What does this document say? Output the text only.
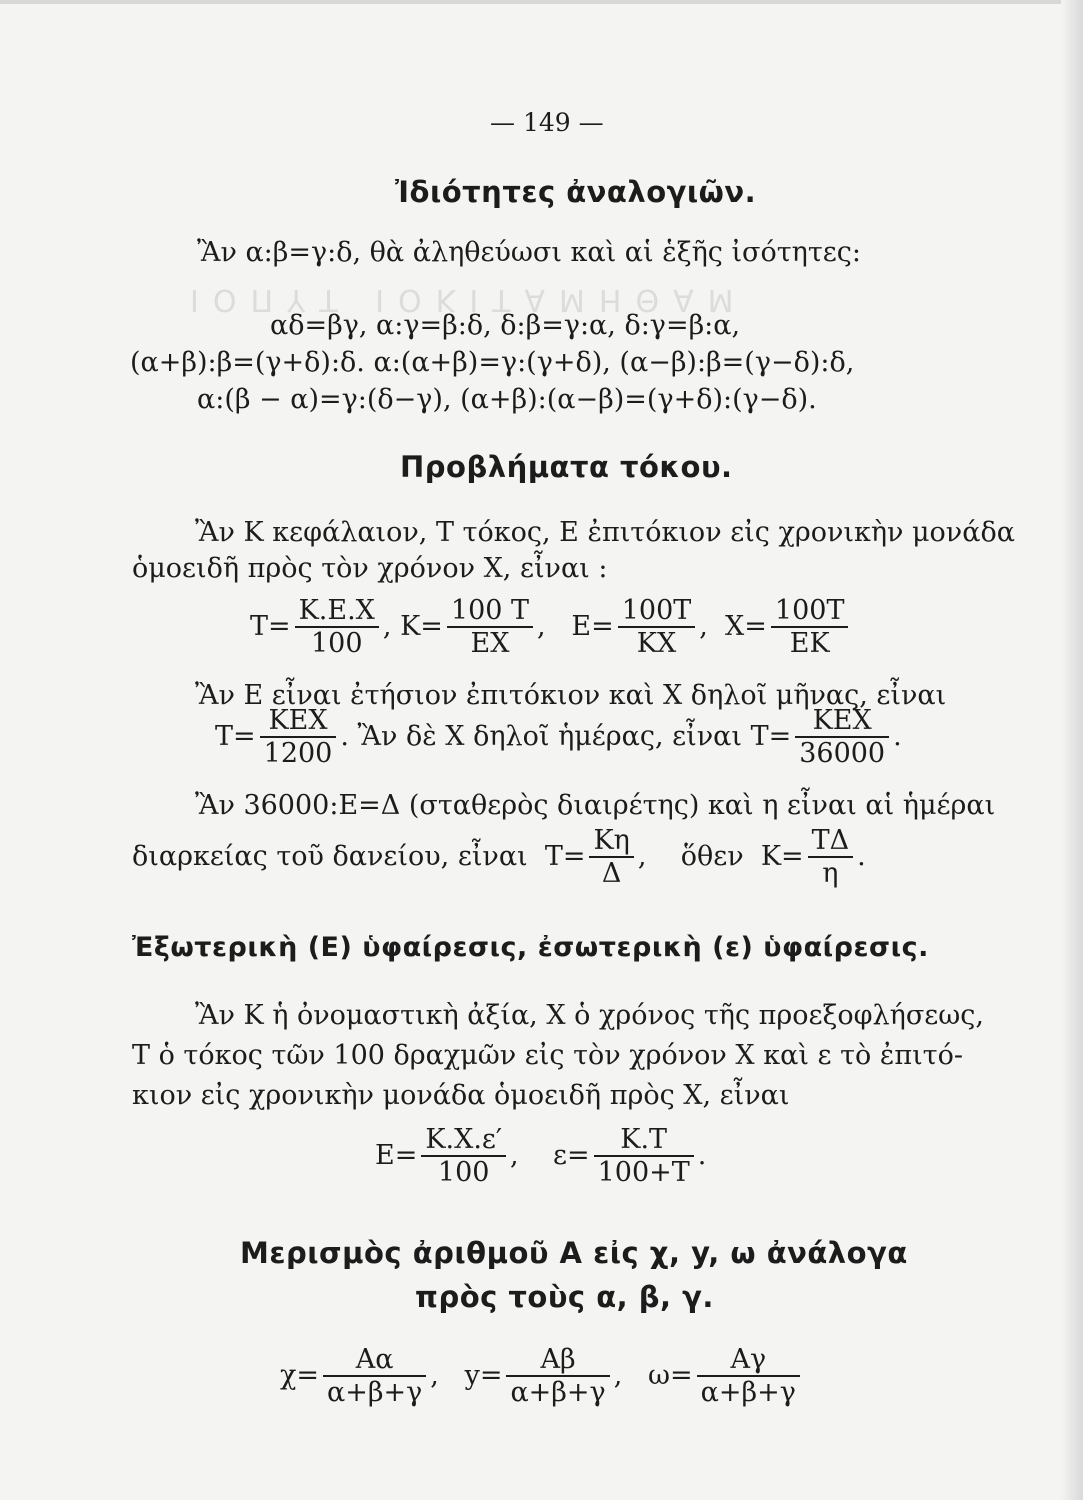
ΙΟΠΥΤ ΙΟΚΙΤΑΜΗΘΑΜ
— 149 —
Ἰδιότητες ἀναλογιῶν.
Ἂν α:β=γ:δ, θὰ ἀληθεύωσι καὶ αἱ ἑξῆς ἰσότητες:
αδ=βγ, α:γ=β:δ, δ:β=γ:α, δ:γ=β:α,
(α+β):β=(γ+δ):δ. α:(α+β)=γ:(γ+δ), (α−β):β=(γ−δ):δ,
α:(β − α)=γ:(δ−γ), (α+β):(α−β)=(γ+δ):(γ−δ).
Προβλήματα τόκου.
Ἂν Κ κεφάλαιον, Τ τόκος, Ε ἐπιτόκιον εἰς χρονικὴν μονάδα
ὁμοειδῆ πρὸς τὸν χρόνον Χ, εἶναι :
$T= \frac{K.E.X}{100}$ , $K= \frac{100 T}{EX}$ , $E= \frac{100T}{KX}$ , $X= \frac{100T}{EK}$
Ἂν Ε εἶναι ἐτήσιον ἐπιτόκιον καὶ Χ δηλοῖ μῆνας, εἶναι
$T= \frac{\text{KEX}}{1200}$ . Ἂν δὲ Χ δηλοῖ ἡμέρας, εἶναι $T= \frac{\text{KEX}}{36000}$ .
Ἂν 36000:Ε=Δ (σταθερὸς διαιρέτης) καὶ η εἶναι αἱ ἡμέραι
διαρκείας τοῦ δανείου, εἶναι $T= \frac{K\eta}{\Delta}$ , ὅθεν $K= \frac{T\Delta}{\eta}$ .
Ἐξωτερικὴ (Ε) ὑφαίρεσις, ἐσωτερικὴ (ε) ὑφαίρεσις.
Ἂν Κ ἡ ὀνομαστικὴ ἀξία, Χ ὁ χρόνος τῆς προεξοφλήσεως,
Τ ὁ τόκος τῶν 100 δραχμῶν εἰς τὸν χρόνον Χ καὶ ε τὸ ἐπιτό-
κιον εἰς χρονικὴν μονάδα ὁμοειδῆ πρὸς Χ, εἶναι
$E= \frac{K.X.\varepsilon'}{100}$ , $\varepsilon= \frac{K.T}{100+T}$ .
Μερισμὸς ἀριθμοῦ Α εἰς χ, y, ω ἀνάλογα
πρὸς τοὺς α, β, γ.
$\chi= \frac{A\alpha}{\alpha+\beta+\gamma}$ , $y= \frac{A\beta}{\alpha+\beta+\gamma}$ , $\omega= \frac{A\gamma}{\alpha+\beta+\gamma}$
